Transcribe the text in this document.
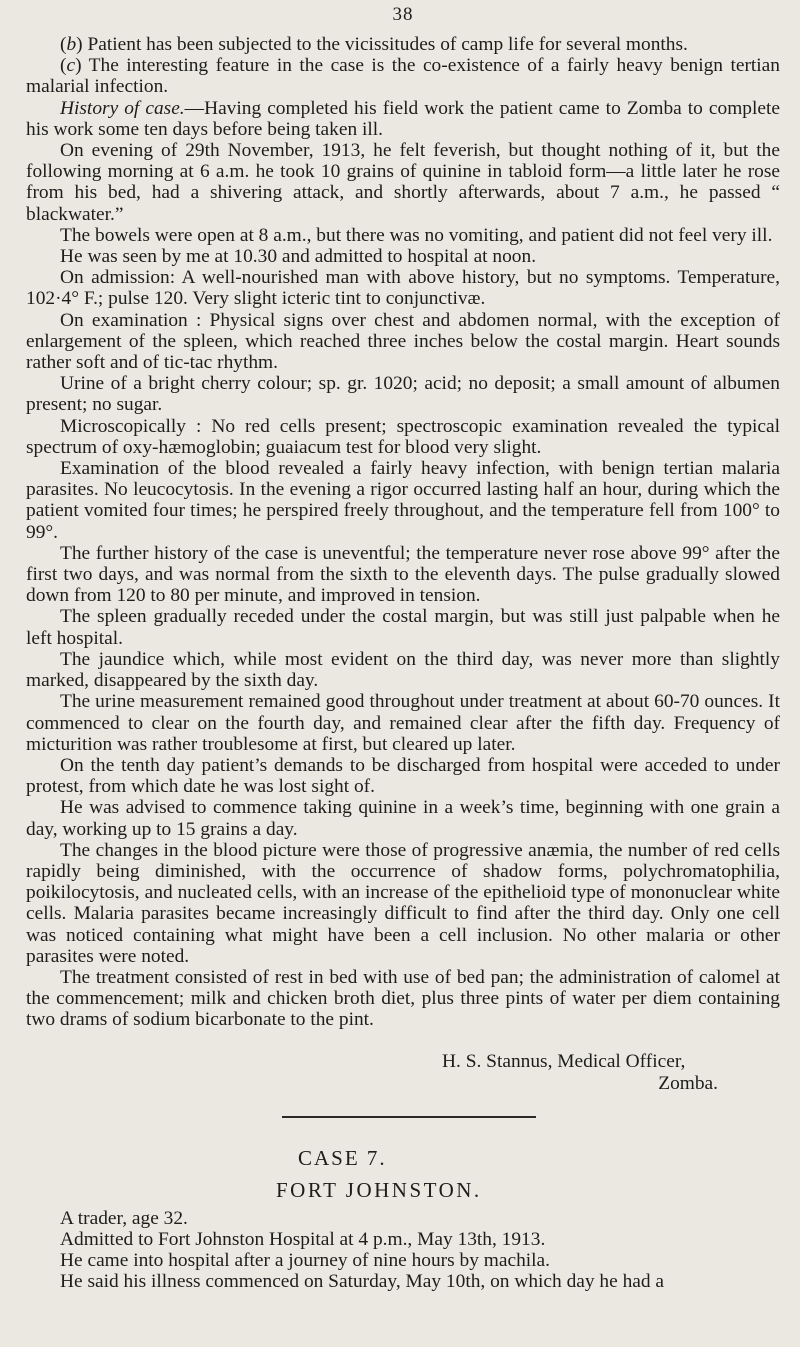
38

(b) Patient has been subjected to the vicissitudes of camp life for several months.

(c) The interesting feature in the case is the co-existence of a fairly heavy benign tertian malarial infection.

History of case.—Having completed his field work the patient came to Zomba to complete his work some ten days before being taken ill.

On evening of 29th November, 1913, he felt feverish, but thought nothing of it, but the following morning at 6 a.m. he took 10 grains of quinine in tabloid form—a little later he rose from his bed, had a shivering attack, and shortly afterwards, about 7 a.m., he passed “ blackwater.”

The bowels were open at 8 a.m., but there was no vomiting, and patient did not feel very ill.

He was seen by me at 10.30 and admitted to hospital at noon.

On admission: A well-nourished man with above history, but no symptoms. Temperature, 102·4° F.; pulse 120. Very slight icteric tint to conjunctivæ.

On examination : Physical signs over chest and abdomen normal, with the exception of enlargement of the spleen, which reached three inches below the costal margin. Heart sounds rather soft and of tic-tac rhythm.

Urine of a bright cherry colour; sp. gr. 1020; acid; no deposit; a small amount of albumen present; no sugar.

Microscopically : No red cells present; spectroscopic examination revealed the typical spectrum of oxy-hæmoglobin; guaiacum test for blood very slight.

Examination of the blood revealed a fairly heavy infection, with benign tertian malaria parasites. No leucocytosis. In the evening a rigor occurred lasting half an hour, during which the patient vomited four times; he perspired freely throughout, and the temperature fell from 100° to 99°.

The further history of the case is uneventful; the temperature never rose above 99° after the first two days, and was normal from the sixth to the eleventh days. The pulse gradually slowed down from 120 to 80 per minute, and improved in tension.

The spleen gradually receded under the costal margin, but was still just palpable when he left hospital.

The jaundice which, while most evident on the third day, was never more than slightly marked, disappeared by the sixth day.

The urine measurement remained good throughout under treatment at about 60-70 ounces. It commenced to clear on the fourth day, and remained clear after the fifth day. Frequency of micturition was rather troublesome at first, but cleared up later.

On the tenth day patient’s demands to be discharged from hospital were acceded to under protest, from which date he was lost sight of.

He was advised to commence taking quinine in a week’s time, beginning with one grain a day, working up to 15 grains a day.

The changes in the blood picture were those of progressive anæmia, the number of red cells rapidly being diminished, with the occurrence of shadow forms, polychromatophilia, poikilocytosis, and nucleated cells, with an increase of the epithelioid type of mononuclear white cells. Malaria parasites became increasingly difficult to find after the third day. Only one cell was noticed containing what might have been a cell inclusion. No other malaria or other parasites were noted.

The treatment consisted of rest in bed with use of bed pan; the administration of calomel at the commencement; milk and chicken broth diet, plus three pints of water per diem containing two drams of sodium bicarbonate to the pint.

H. S. Stannus, Medical Officer,
Zomba.
CASE 7.
FORT JOHNSTON.

A trader, age 32.

Admitted to Fort Johnston Hospital at 4 p.m., May 13th, 1913.

He came into hospital after a journey of nine hours by machila.

He said his illness commenced on Saturday, May 10th, on which day he had a
